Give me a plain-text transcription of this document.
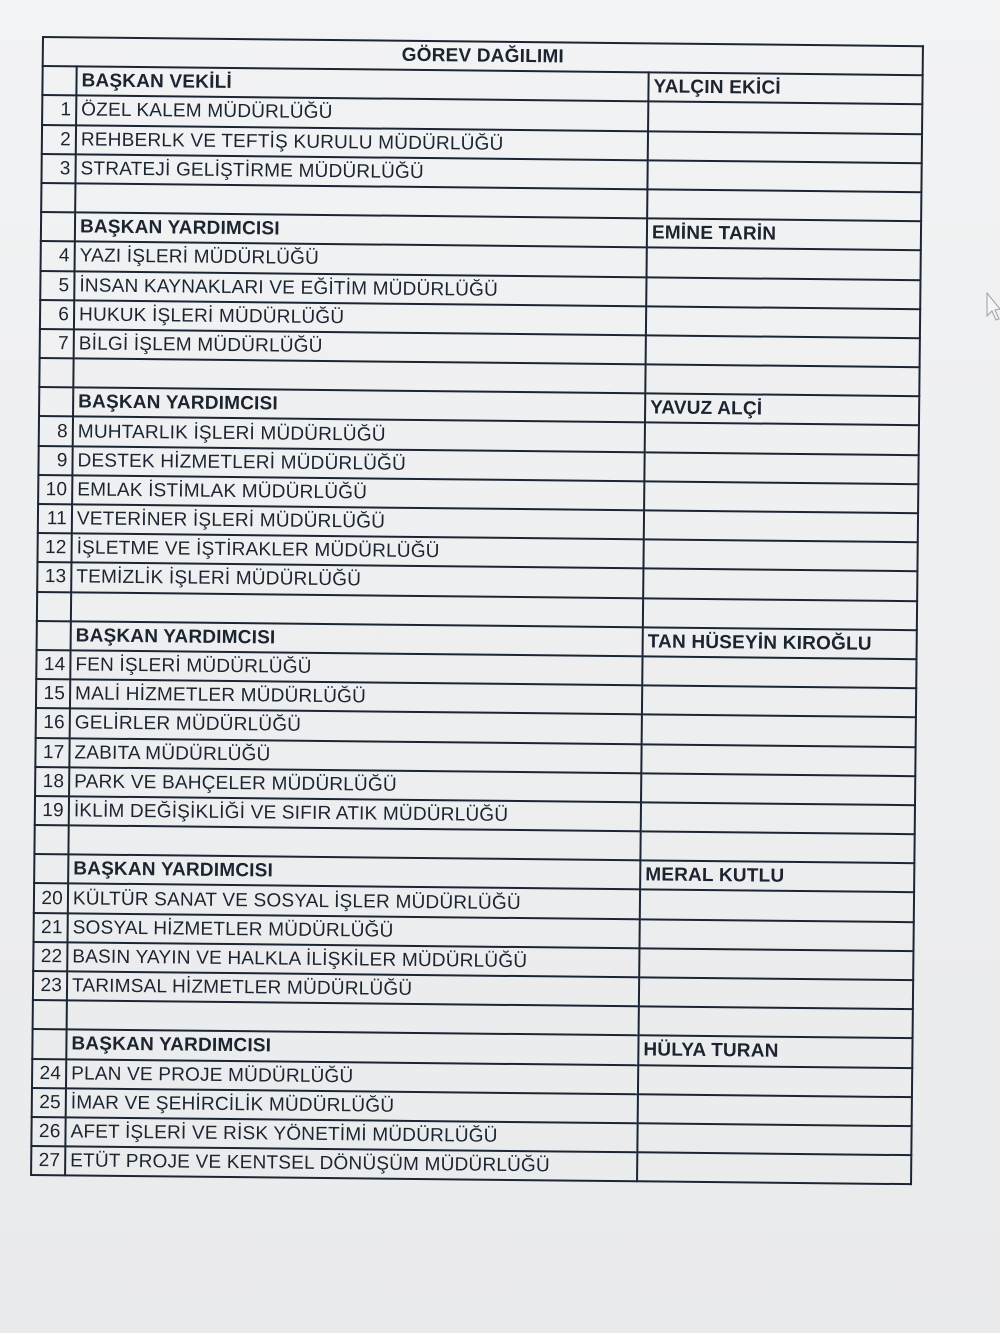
GÖREV DAĞILIMI		
	BAŞKAN VEKİLİ	YALÇIN EKİCİ
1	ÖZEL KALEM MÜDÜRLÜĞÜ	
2	REHBERLK VE TEFTİŞ KURULU MÜDÜRLÜĞÜ	
3	STRATEJİ GELİŞTİRME MÜDÜRLÜĞÜ	

	BAŞKAN YARDIMCISI	EMİNE TARİN
4	YAZI İŞLERİ MÜDÜRLÜĞÜ	
5	İNSAN KAYNAKLARI VE EĞİTİM MÜDÜRLÜĞÜ	
6	HUKUK İŞLERİ MÜDÜRLÜĞÜ	
7	BİLGİ İŞLEM MÜDÜRLÜĞÜ	

	BAŞKAN YARDIMCISI	YAVUZ ALÇİ
8	MUHTARLIK İŞLERİ MÜDÜRLÜĞÜ	
9	DESTEK HİZMETLERİ MÜDÜRLÜĞÜ	
10	EMLAK İSTİMLAK MÜDÜRLÜĞÜ	
11	VETERİNER İŞLERİ MÜDÜRLÜĞÜ	
12	İŞLETME VE İŞTİRAKLER MÜDÜRLÜĞÜ	
13	TEMİZLİK İŞLERİ MÜDÜRLÜĞÜ	

	BAŞKAN YARDIMCISI	TAN HÜSEYİN KIROĞLU
14	FEN İŞLERİ MÜDÜRLÜĞÜ	
15	MALİ HİZMETLER MÜDÜRLÜĞÜ	
16	GELİRLER MÜDÜRLÜĞÜ	
17	ZABITA MÜDÜRLÜĞÜ	
18	PARK VE BAHÇELER MÜDÜRLÜĞÜ	
19	İKLİM DEĞİŞİKLİĞİ VE SIFIR ATIK MÜDÜRLÜĞÜ	

	BAŞKAN YARDIMCISI	MERAL KUTLU
20	KÜLTÜR SANAT VE SOSYAL İŞLER MÜDÜRLÜĞÜ	
21	SOSYAL HİZMETLER MÜDÜRLÜĞÜ	
22	BASIN YAYIN VE HALKLA İLİŞKİLER MÜDÜRLÜĞÜ	
23	TARIMSAL HİZMETLER MÜDÜRLÜĞÜ	

	BAŞKAN YARDIMCISI	HÜLYA TURAN
24	PLAN VE PROJE MÜDÜRLÜĞÜ	
25	İMAR VE ŞEHİRCİLİK MÜDÜRLÜĞÜ	
26	AFET İŞLERİ VE RİSK YÖNETİMİ MÜDÜRLÜĞÜ	
27	ETÜT PROJE VE KENTSEL DÖNÜŞÜM MÜDÜRLÜĞÜ	
